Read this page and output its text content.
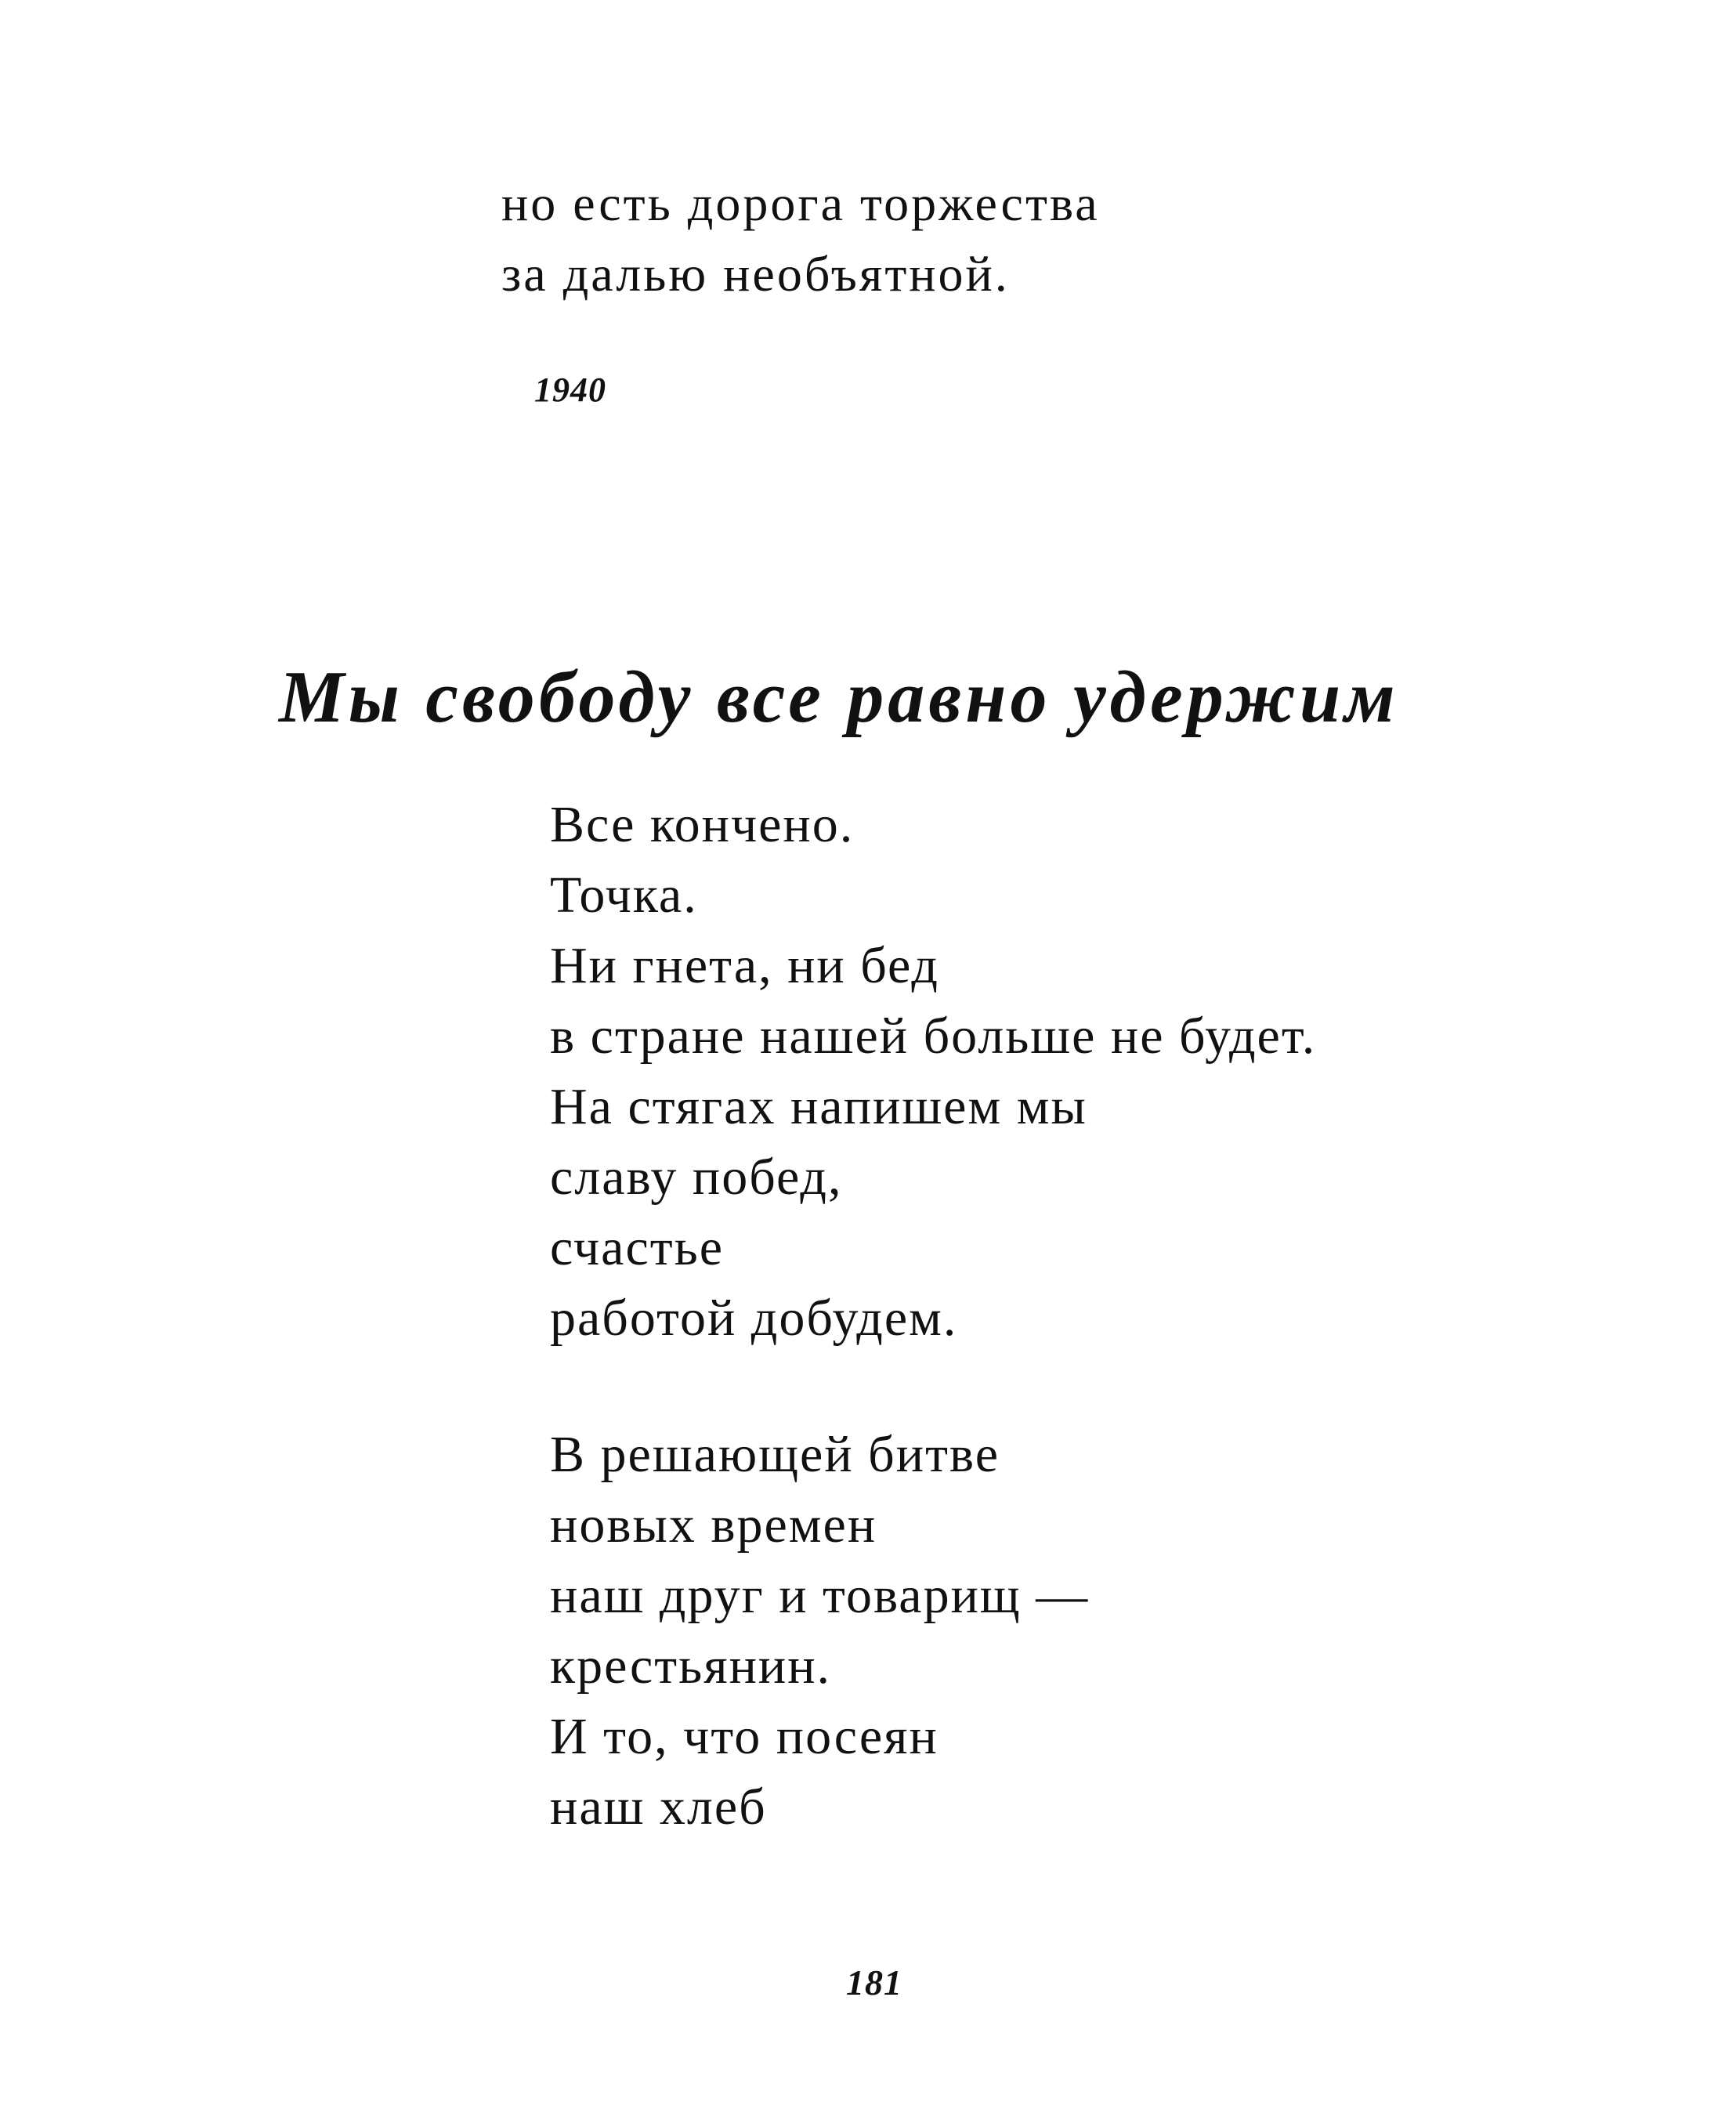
но есть дорога торжества
за далью необъятной.
1940
Мы свободу все равно удержим
Все кончено.
Точка.
Ни гнета, ни бед
в стране нашей больше не будет.
На стягах напишем мы
славу побед,
счастье
работой добудем.
В решающей битве
новых времен
наш друг и товарищ —
крестьянин.
И то, что посеян
наш хлеб
181
